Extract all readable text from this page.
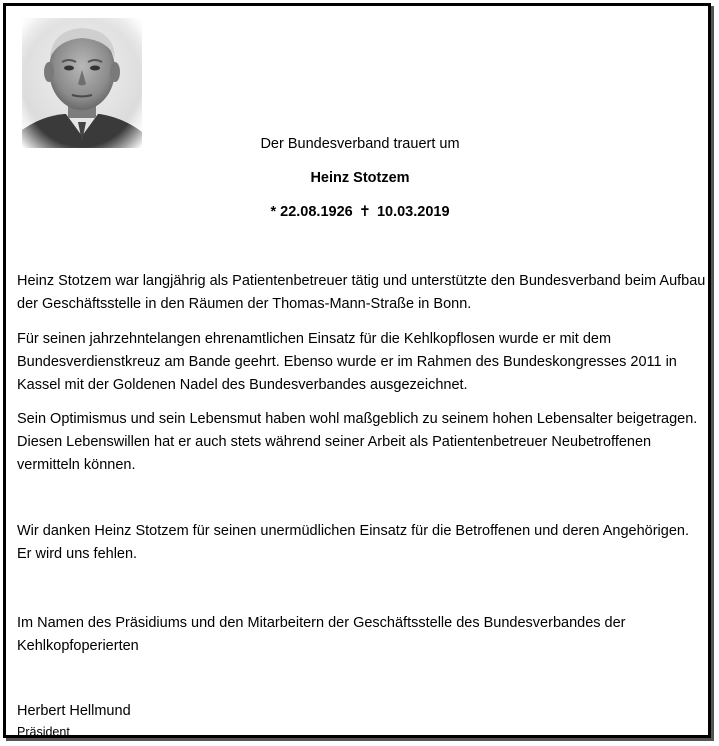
Der Bundesverband trauert um
Heinz Stotzem
* 22.08.1926 ✝ 10.03.2019
Heinz Stotzem war langjährig als Patientenbetreuer tätig und unterstützte den Bundesverband beim Aufbau der Geschäftsstelle in den Räumen der Thomas-Mann-Straße in Bonn.
Für seinen jahrzehntelangen ehrenamtlichen Einsatz für die Kehlkopflosen wurde er mit dem Bundesverdienstkreuz am Bande geehrt. Ebenso wurde er im Rahmen des Bundeskongresses 2011 in Kassel mit der Goldenen Nadel des Bundesverbandes ausgezeichnet.
Sein Optimismus und sein Lebensmut haben wohl maßgeblich zu seinem hohen Lebensalter beigetragen. Diesen Lebenswillen hat er auch stets während seiner Arbeit als Patientenbetreuer Neubetroffenen vermitteln können.
Wir danken Heinz Stotzem für seinen unermüdlichen Einsatz für die Betroffenen und deren Angehörigen. Er wird uns fehlen.
Im Namen des Präsidiums und den Mitarbeitern der Geschäftsstelle des Bundesverbandes der Kehlkopfoperierten
Herbert Hellmund
Präsident
